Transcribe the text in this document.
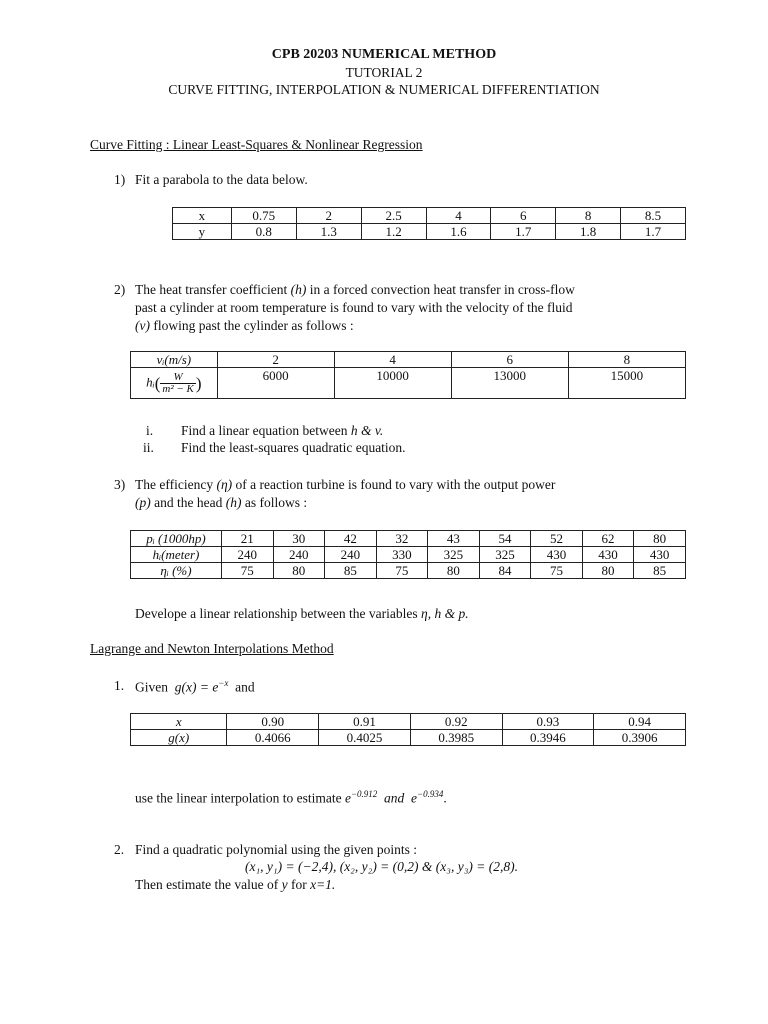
CPB 20203 NUMERICAL METHOD
TUTORIAL 2
CURVE FITTING, INTERPOLATION & NUMERICAL DIFFERENTIATION
Curve Fitting : Linear Least-Squares & Nonlinear Regression
1) Fit a parabola to the data below.
x	0.75	2	2.5	4	6	8	8.5
y	0.8	1.3	1.2	1.6	1.7	1.8	1.7
2) The heat transfer coefficient (h) in a forced convection heat transfer in cross-flow
past a cylinder at room temperature is found to vary with the velocity of the fluid
(v) flowing past the cylinder as follows :
vᵢ(m/s)	2	4	6	8
hᵢ( $\frac{W}{\text{m² − K}}$ )	6000	10000	13000	15000
i. Find a linear equation between h & v.
ii. Find the least-squares quadratic equation.
3) The efficiency (η) of a reaction turbine is found to vary with the output power
(p) and the head (h) as follows :
pᵢ (1000hp)	21	30	42	32	43	54	52	62	80
hᵢ(meter)	240	240	240	330	325	325	430	430	430
ηᵢ (%)	75	80	85	75	80	84	75	80	85
Develope a linear relationship between the variables η, h & p.
Lagrange and Newton Interpolations Method
1. Given $g(x) = e^{-x}$ and
x	0.90	0.91	0.92	0.93	0.94
g(x)	0.4066	0.4025	0.3985	0.3946	0.3906
use the linear interpolation to estimate $e^{-0.912}$ and $e^{-0.934}$.
2. Find a quadratic polynomial using the given points :
(x₁, y₁) = (−2,4), (x₂, y₂) = (0,2) & (x₃, y₃) = (2,8).
Then estimate the value of y for x=1.
